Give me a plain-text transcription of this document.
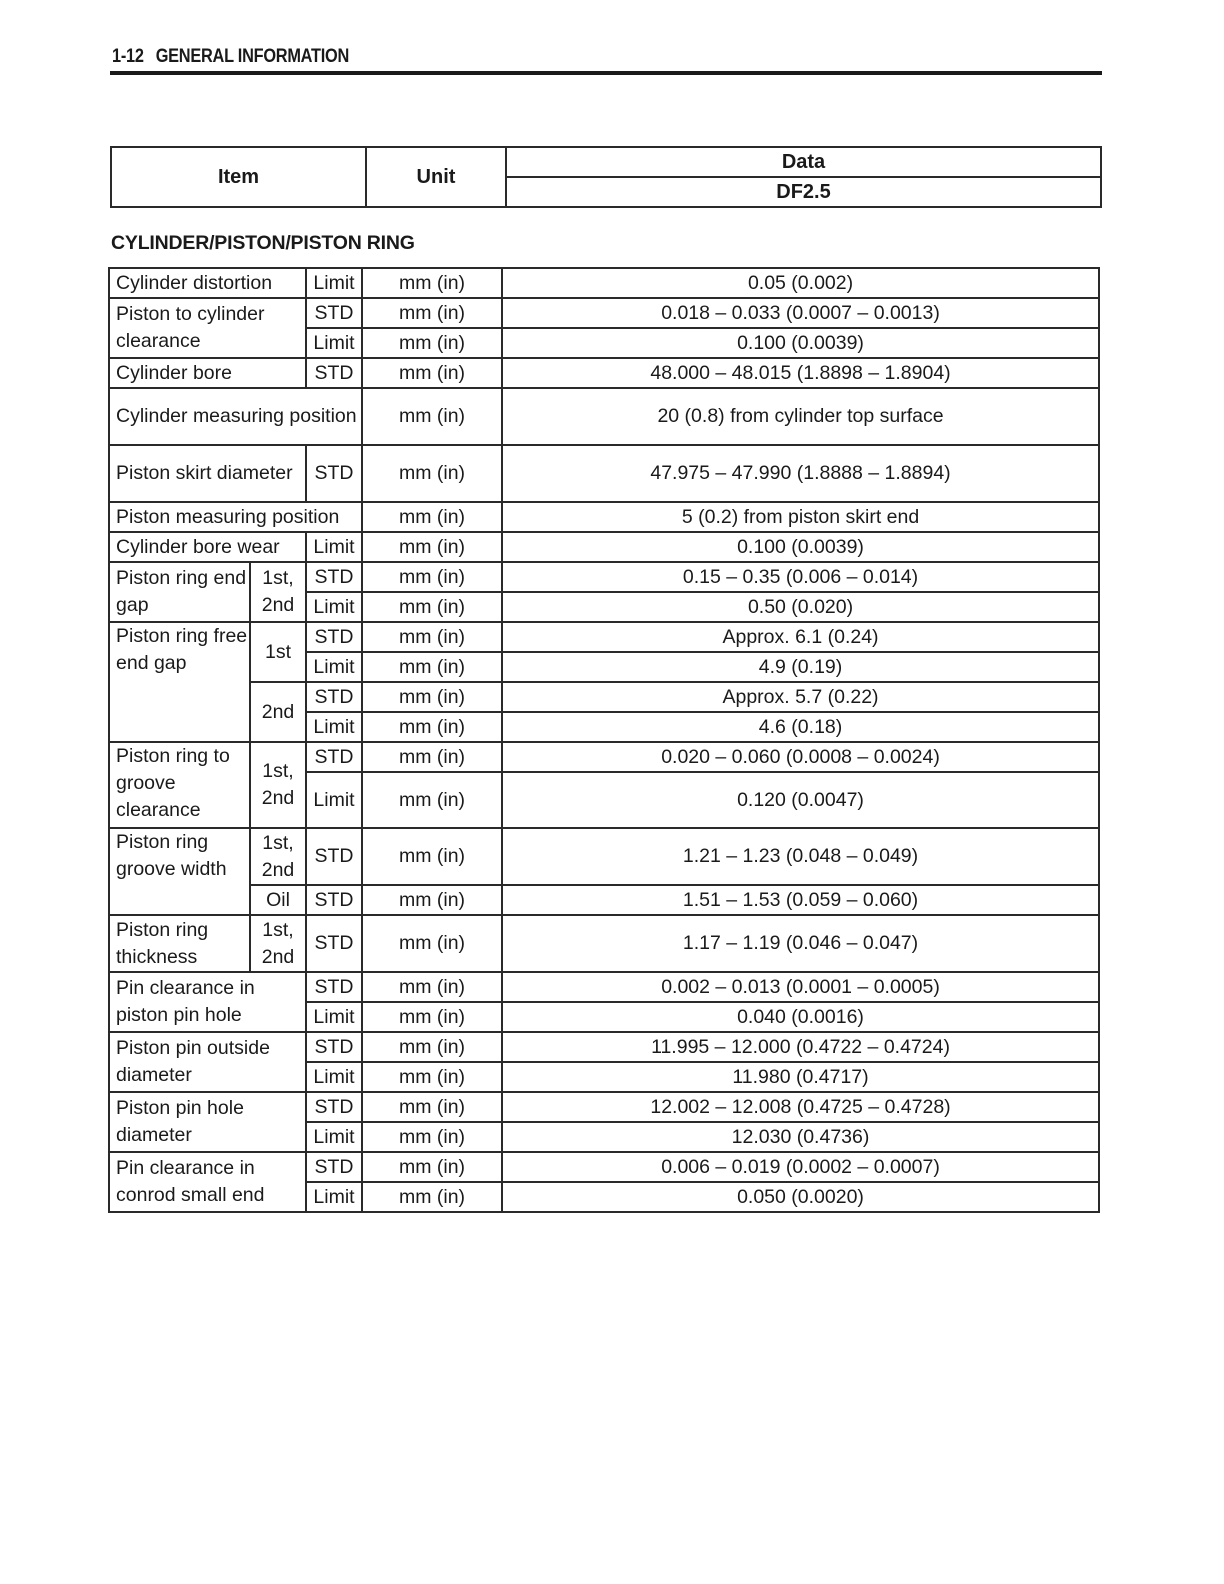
1-12 GENERAL INFORMATION
Item	Unit	Data
DF2.5
CYLINDER/PISTON/PISTON RING
Cylinder distortion		Limit	mm (in)	0.05 (0.002)
Piston to cylinder clearance		STD	mm (in)	0.018 – 0.033 (0.0007 – 0.0013)
		Limit	mm (in)	0.100 (0.0039)
Cylinder bore		STD	mm (in)	48.000 – 48.015 (1.8898 – 1.8904)
Cylinder measuring position			mm (in)	20 (0.8) from cylinder top surface
Piston skirt diameter		STD	mm (in)	47.975 – 47.990 (1.8888 – 1.8894)
Piston measuring position			mm (in)	5 (0.2) from piston skirt end
Cylinder bore wear		Limit	mm (in)	0.100 (0.0039)
Piston ring end gap	1st, 2nd	STD	mm (in)	0.15 – 0.35 (0.006 – 0.014)
		Limit	mm (in)	0.50 (0.020)
Piston ring free end gap	1st	STD	mm (in)	Approx. 6.1 (0.24)
		Limit	mm (in)	4.9 (0.19)
	2nd	STD	mm (in)	Approx. 5.7 (0.22)
		Limit	mm (in)	4.6 (0.18)
Piston ring to groove clearance	1st, 2nd	STD	mm (in)	0.020 – 0.060 (0.0008 – 0.0024)
		Limit	mm (in)	0.120 (0.0047)
Piston ring groove width	1st, 2nd	STD	mm (in)	1.21 – 1.23 (0.048 – 0.049)
	Oil	STD	mm (in)	1.51 – 1.53 (0.059 – 0.060)
Piston ring thickness	1st, 2nd	STD	mm (in)	1.17 – 1.19 (0.046 – 0.047)
Pin clearance in piston pin hole		STD	mm (in)	0.002 – 0.013 (0.0001 – 0.0005)
		Limit	mm (in)	0.040 (0.0016)
Piston pin outside diameter		STD	mm (in)	11.995 – 12.000 (0.4722 – 0.4724)
		Limit	mm (in)	11.980 (0.4717)
Piston pin hole diameter		STD	mm (in)	12.002 – 12.008 (0.4725 – 0.4728)
		Limit	mm (in)	12.030 (0.4736)
Pin clearance in conrod small end		STD	mm (in)	0.006 – 0.019 (0.0002 – 0.0007)
		Limit	mm (in)	0.050 (0.0020)
